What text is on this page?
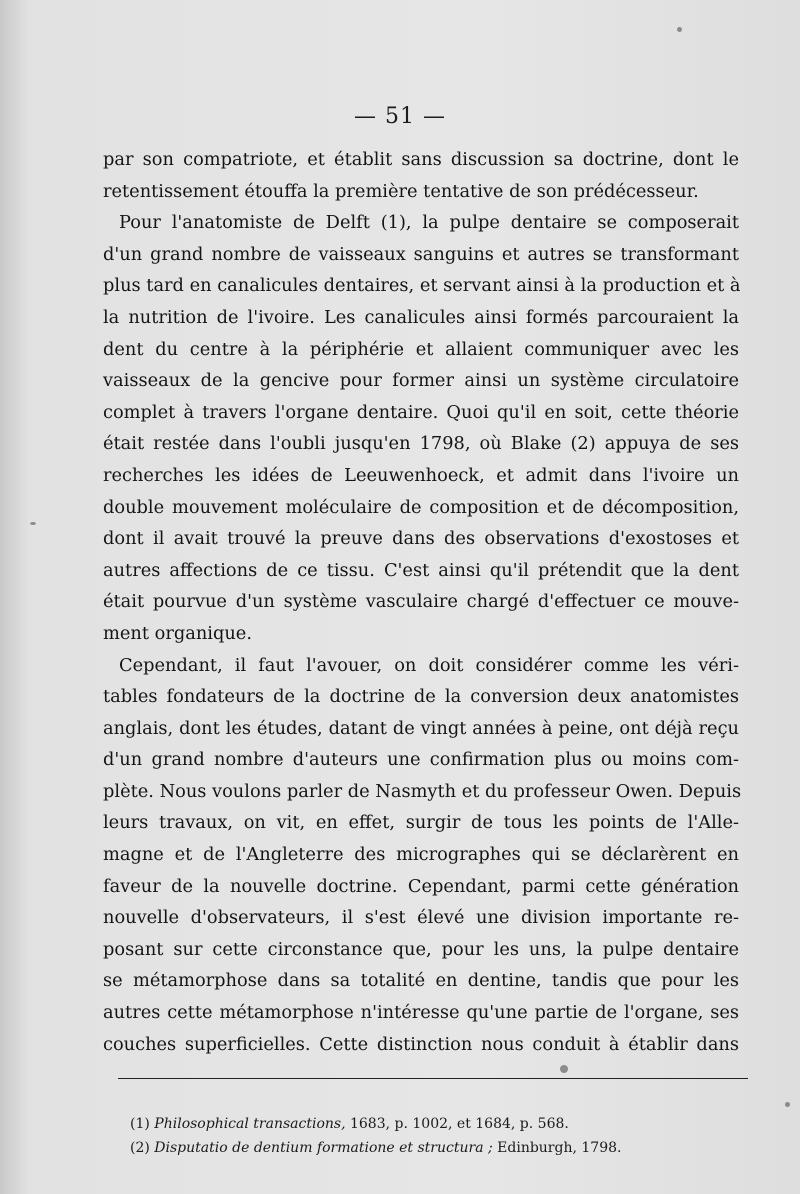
— 51 —
par son compatriote, et établit sans discussion sa doctrine, dont le
retentissement étouffa la première tentative de son prédécesseur.
Pour l'anatomiste de Delft (1), la pulpe dentaire se composerait
d'un grand nombre de vaisseaux sanguins et autres se transformant
plus tard en canalicules dentaires, et servant ainsi à la production et à
la nutrition de l'ivoire. Les canalicules ainsi formés parcouraient la
dent du centre à la périphérie et allaient communiquer avec les
vaisseaux de la gencive pour former ainsi un système circulatoire
complet à travers l'organe dentaire. Quoi qu'il en soit, cette théorie
était restée dans l'oubli jusqu'en 1798, où Blake (2) appuya de ses
recherches les idées de Leeuwenhoeck, et admit dans l'ivoire un
double mouvement moléculaire de composition et de décomposition,
dont il avait trouvé la preuve dans des observations d'exostoses et
autres affections de ce tissu. C'est ainsi qu'il prétendit que la dent
était pourvue d'un système vasculaire chargé d'effectuer ce mouve-
ment organique.
Cependant, il faut l'avouer, on doit considérer comme les véri-
tables fondateurs de la doctrine de la conversion deux anatomistes
anglais, dont les études, datant de vingt années à peine, ont déjà reçu
d'un grand nombre d'auteurs une confirmation plus ou moins com-
plète. Nous voulons parler de Nasmyth et du professeur Owen. Depuis
leurs travaux, on vit, en effet, surgir de tous les points de l'Alle-
magne et de l'Angleterre des micrographes qui se déclarèrent en
faveur de la nouvelle doctrine. Cependant, parmi cette génération
nouvelle d'observateurs, il s'est élevé une division importante re-
posant sur cette circonstance que, pour les uns, la pulpe dentaire
se métamorphose dans sa totalité en dentine, tandis que pour les
autres cette métamorphose n'intéresse qu'une partie de l'organe, ses
couches superficielles. Cette distinction nous conduit à établir dans
(1) Philosophical transactions, 1683, p. 1002, et 1684, p. 568.
(2) Disputatio de dentium formatione et structura ; Edinburgh, 1798.
